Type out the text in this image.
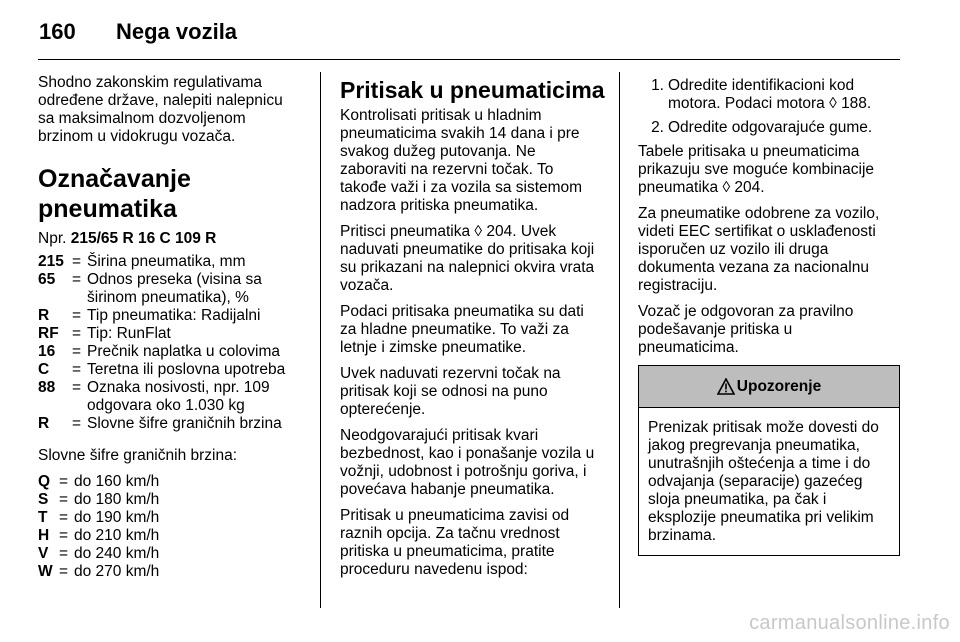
160 Nega vozila

Shodno zakonskim regulativama
određene države, nalepiti nalepnicu
sa maksimalnom dozvoljenom
brzinom u vidokrugu vozača.

Označavanje pneumatika
Npr. 215/65 R 16 C 109 R
215 = Širina pneumatika, mm
65	= Odnos preseka (visina sa
širinom pneumatika), %
R	= Tip pneumatika: Radijalni
RF = Tip: RunFlat
16	= Prečnik naplatka u colovima
C	= Teretna ili poslovna upotreba
88	= Oznaka nosivosti, npr. 109
odgovara oko 1.030 kg
R	= Slovne šifre graničnih brzina

Slovne šifre graničnih brzina:

Q = do 160 km/h
S = do 180 km/h
T = do 190 km/h
H = do 210 km/h
V = do 240 km/h
W = do 270 km/h
Pritisak u pneumaticima

Kontrolisati pritisak u hladnim
pneumaticima svakih 14 dana i pre
svakog dužeg putovanja. Ne
zaboraviti na rezervni točak. To
takođe važi i za vozila sa sistemom
nadzora pritiska pneumatika.

Pritisci pneumatika ◊ 204. Uvek
naduvati pneumatike do pritisaka koji
su prikazani na nalepnici okvira vrata
vozača.

Podaci pritisaka pneumatika su dati
za hladne pneumatike. To važi za
letnje i zimske pneumatike.

Uvek naduvati rezervni točak na
pritisak koji se odnosi na puno
opterećenje.

Neodgovarajući pritisak kvari
bezbednost, kao i ponašanje vozila u
vožnji, udobnost i potrošnju goriva, i
povećava habanje pneumatika.

Pritisak u pneumaticima zavisi od
raznih opcija. Za tačnu vrednost
pritiska u pneumaticima, pratite
proceduru navedenu ispod:

1. Odredite identifikacioni kod
motora. Podaci motora ◊ 188.
2. Odredite odgovarajuće gume.

Tabele pritisaka u pneumaticima
prikazuju sve moguće kombinacije
pneumatika ◊ 204.

Za pneumatike odobrene za vozilo,
videti EEC sertifikat o usklađenosti
isporučen uz vozilo ili druga
dokumenta vezana za nacionalnu
registraciju.

Vozač je odgovoran za pravilno
podešavanje pritiska u
pneumaticima.

Upozorenje
Prenizak pritisak može dovesti do
jakog pregrevanja pneumatika,
unutrašnjih oštećenja a time i do
odvajanja (separacije) gazećeg
sloja pneumatika, pa čak i
eksplozije pneumatika pri velikim
brzinama.
carmanualsonline.info
